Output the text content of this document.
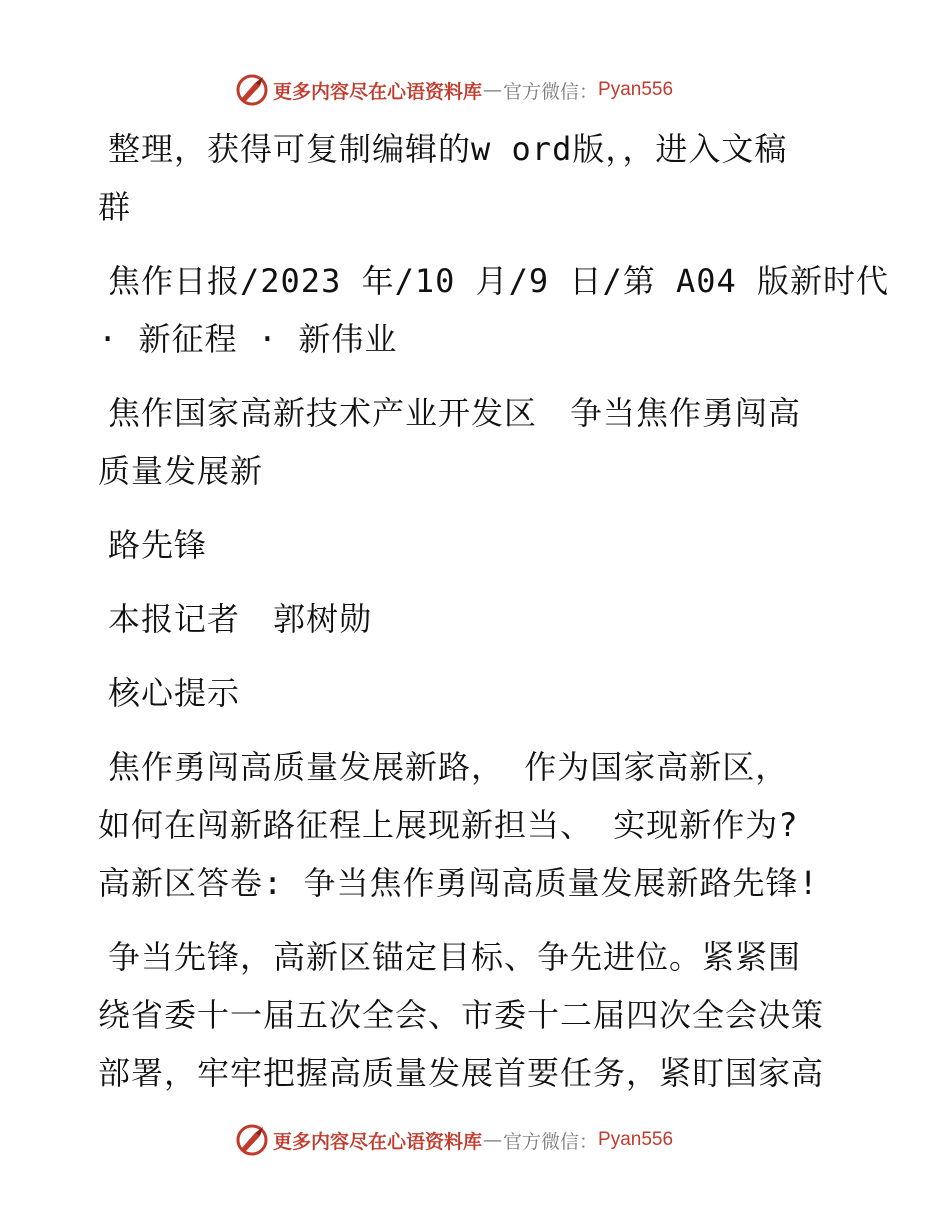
更多内容尽在心语资料库 — 官方微信： Pyan556

整理，获得可复制编辑的w ord版，，进入文稿
群

焦作日报/2023 年/10 月/9 日/第 A04 版新时代
· 新征程 · 新伟业

焦作国家高新技术产业开发区　争当焦作勇闯高
质量发展新

路先锋

本报记者　郭树勋

核心提示

焦作勇闯高质量发展新路， 作为国家高新区，
如何在闯新路征程上展现新担当、 实现新作为?
高新区答卷: 争当焦作勇闯高质量发展新路先锋!

争当先锋，高新区锚定目标、争先进位。紧紧围
绕省委十一届五次全会、市委十二届四次全会决策
部署，牢牢把握高质量发展首要任务，紧盯国家高

更多内容尽在心语资料库 — 官方微信： Pyan556
